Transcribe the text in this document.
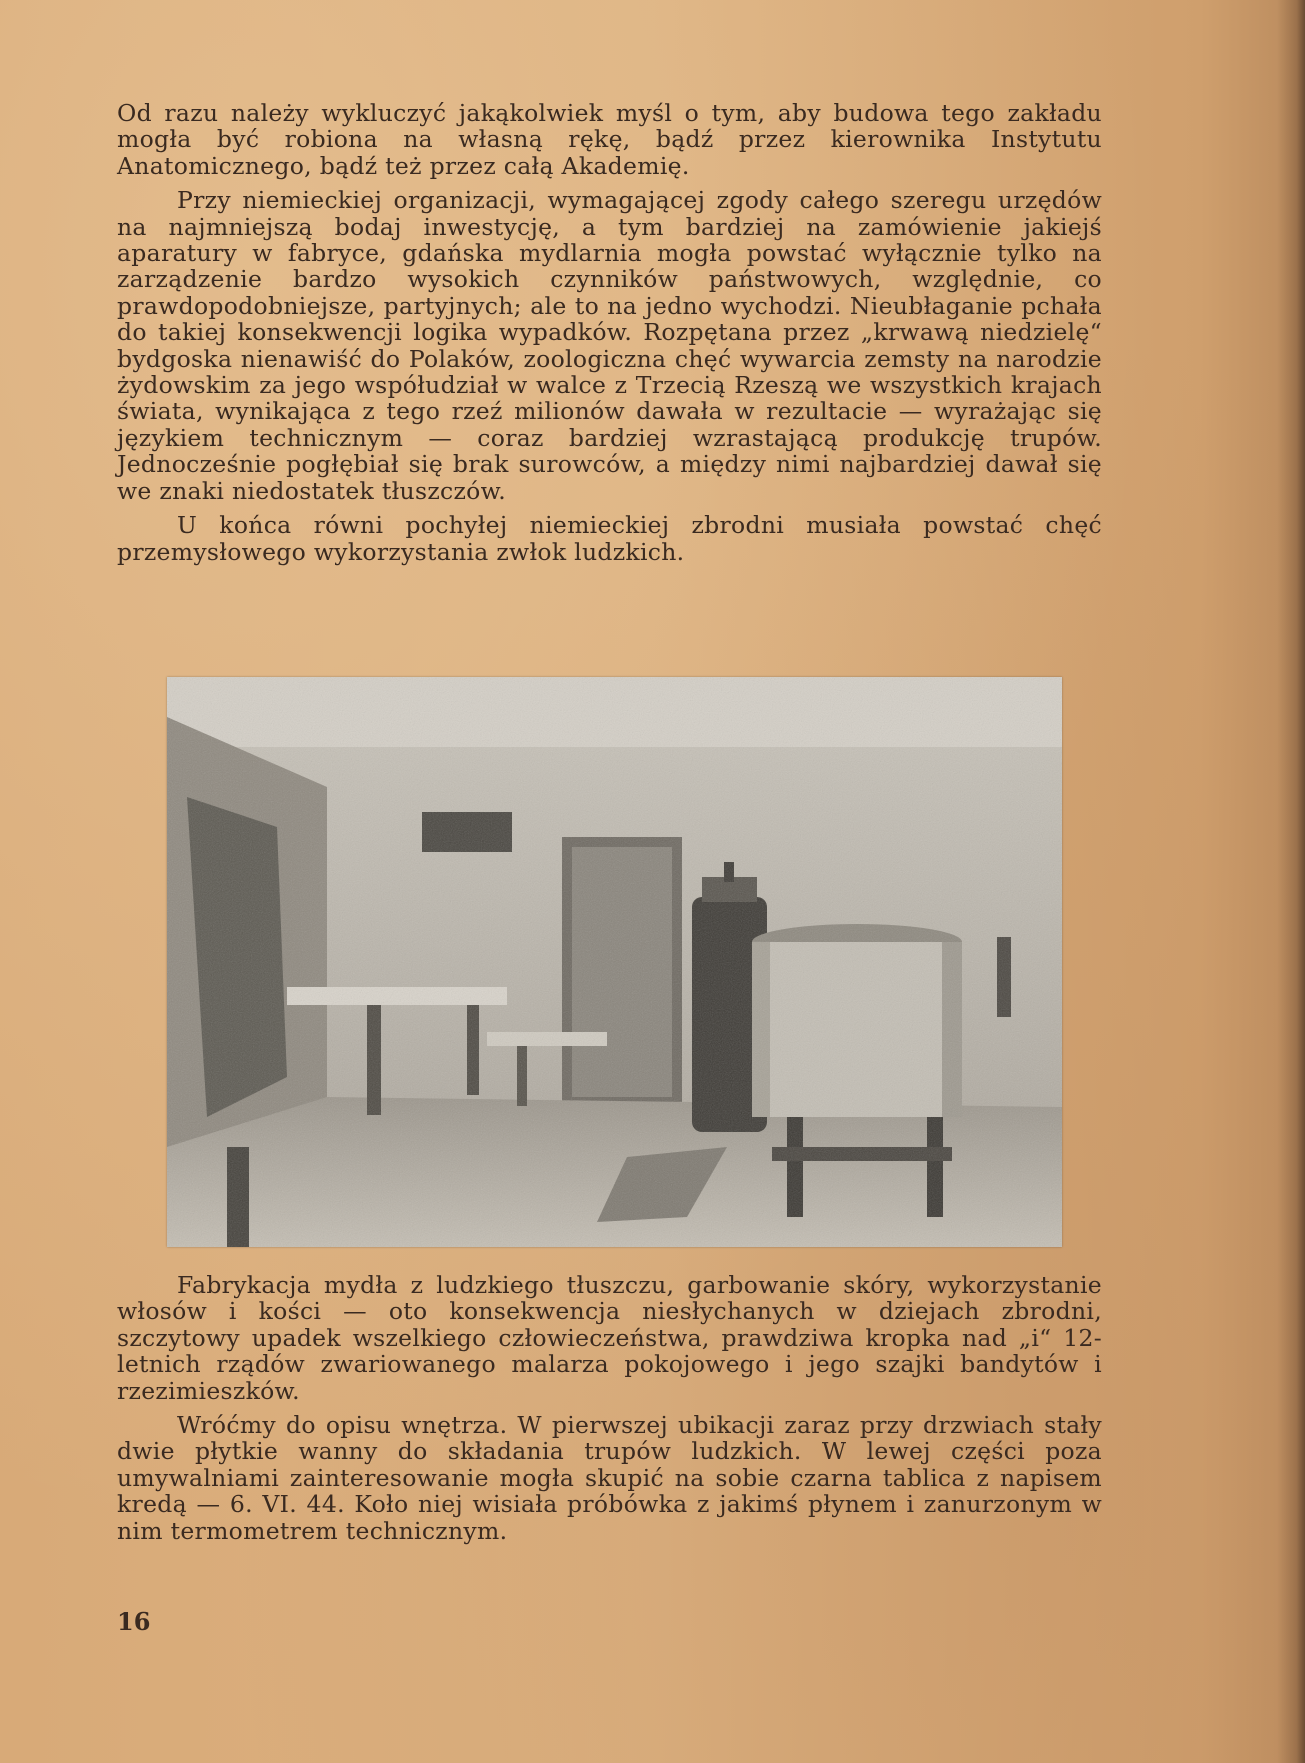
Od razu należy wykluczyć jakąkolwiek myśl o tym, aby budowa tego zakładu mogła być robiona na własną rękę, bądź przez kierownika Instytutu Anatomicznego, bądź też przez całą Akademię.

Przy niemieckiej organizacji, wymagającej zgody całego szeregu urzędów na najmniejszą bodaj inwestycję, a tym bardziej na zamówienie jakiejś aparatury w fabryce, gdańska mydlarnia mogła powstać wyłącznie tylko na zarządzenie bardzo wysokich czynników państwowych, względnie, co prawdopodobniejsze, partyjnych; ale to na jedno wychodzi. Nieubłaganie pchała do takiej konsekwencji logika wypadków. Rozpętana przez „krwawą niedzielę“ bydgoska nienawiść do Polaków, zoologiczna chęć wywarcia zemsty na narodzie żydowskim za jego współudział w walce z Trzecią Rzeszą we wszystkich krajach świata, wynikająca z tego rzeź milionów dawała w rezultacie — wyrażając się językiem technicznym — coraz bardziej wzrastającą produkcję trupów. Jednocześnie pogłębiał się brak surowców, a między nimi najbardziej dawał się we znaki niedostatek tłuszczów.

U końca równi pochyłej niemieckiej zbrodni musiała powstać chęć przemysłowego wykorzystania zwłok ludzkich.

Fabrykacja mydła z ludzkiego tłuszczu, garbowanie skóry, wykorzystanie włosów i kości — oto konsekwencja niesłychanych w dziejach zbrodni, szczytowy upadek wszelkiego człowieczeństwa, prawdziwa kropka nad „i“ 12-letnich rządów zwariowanego malarza pokojowego i jego szajki bandytów i rzezimieszków.

Wróćmy do opisu wnętrza. W pierwszej ubikacji zaraz przy drzwiach stały dwie płytkie wanny do składania trupów ludzkich. W lewej części poza umywalniami zainteresowanie mogła skupić na sobie czarna tablica z napisem kredą — 6. VI. 44. Koło niej wisiała próbówka z jakimś płynem i zanurzonym w nim termometrem technicznym.

16
